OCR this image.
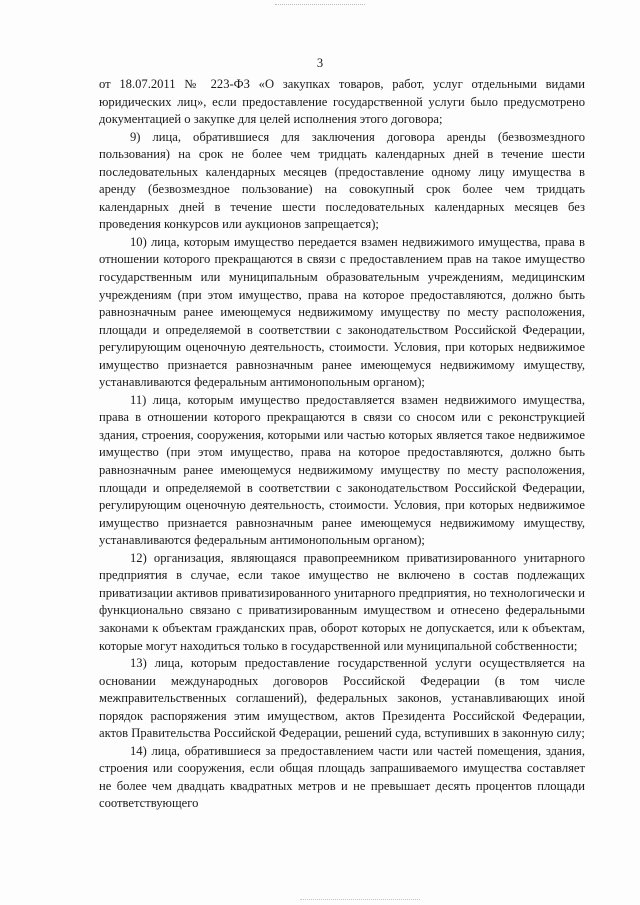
3

от 18.07.2011 № 223-ФЗ «О закупках товаров, работ, услуг отдельными видами юридических лиц», если предоставление государственной услуги было предусмотрено документацией о закупке для целей исполнения этого договора;

9) лица, обратившиеся для заключения договора аренды (безвозмездного пользования) на срок не более чем тридцать календарных дней в течение шести последовательных календарных месяцев (предоставление одному лицу имущества в аренду (безвозмездное пользование) на совокупный срок более чем тридцать календарных дней в течение шести последовательных календарных месяцев без проведения конкурсов или аукционов запрещается);

10) лица, которым имущество передается взамен недвижимого имущества, права в отношении которого прекращаются в связи с предоставлением прав на такое имущество государственным или муниципальным образовательным учреждениям, медицинским учреждениям (при этом имущество, права на которое предоставляются, должно быть равнозначным ранее имеющемуся недвижимому имуществу по месту расположения, площади и определяемой в соответствии с законодательством Российской Федерации, регулирующим оценочную деятельность, стоимости. Условия, при которых недвижимое имущество признается равнозначным ранее имеющемуся недвижимому имуществу, устанавливаются федеральным антимонопольным органом);

11) лица, которым имущество предоставляется взамен недвижимого имущества, права в отношении которого прекращаются в связи со сносом или с реконструкцией здания, строения, сооружения, которыми или частью которых является такое недвижимое имущество (при этом имущество, права на которое предоставляются, должно быть равнозначным ранее имеющемуся недвижимому имуществу по месту расположения, площади и определяемой в соответствии с законодательством Российской Федерации, регулирующим оценочную деятельность, стоимости. Условия, при которых недвижимое имущество признается равнозначным ранее имеющемуся недвижимому имуществу, устанавливаются федеральным антимонопольным органом);

12) организация, являющаяся правопреемником приватизированного унитарного предприятия в случае, если такое имущество не включено в состав подлежащих приватизации активов приватизированного унитарного предприятия, но технологически и функционально связано с приватизированным имуществом и отнесено федеральными законами к объектам гражданских прав, оборот которых не допускается, или к объектам, которые могут находиться только в государственной или муниципальной собственности;

13) лица, которым предоставление государственной услуги осуществляется на основании международных договоров Российской Федерации (в том числе межправительственных соглашений), федеральных законов, устанавливающих иной порядок распоряжения этим имуществом, актов Президента Российской Федерации, актов Правительства Российской Федерации, решений суда, вступивших в законную силу;

14) лица, обратившиеся за предоставлением части или частей помещения, здания, строения или сооружения, если общая площадь запрашиваемого имущества составляет не более чем двадцать квадратных метров и не превышает десять процентов площади соответствующего
